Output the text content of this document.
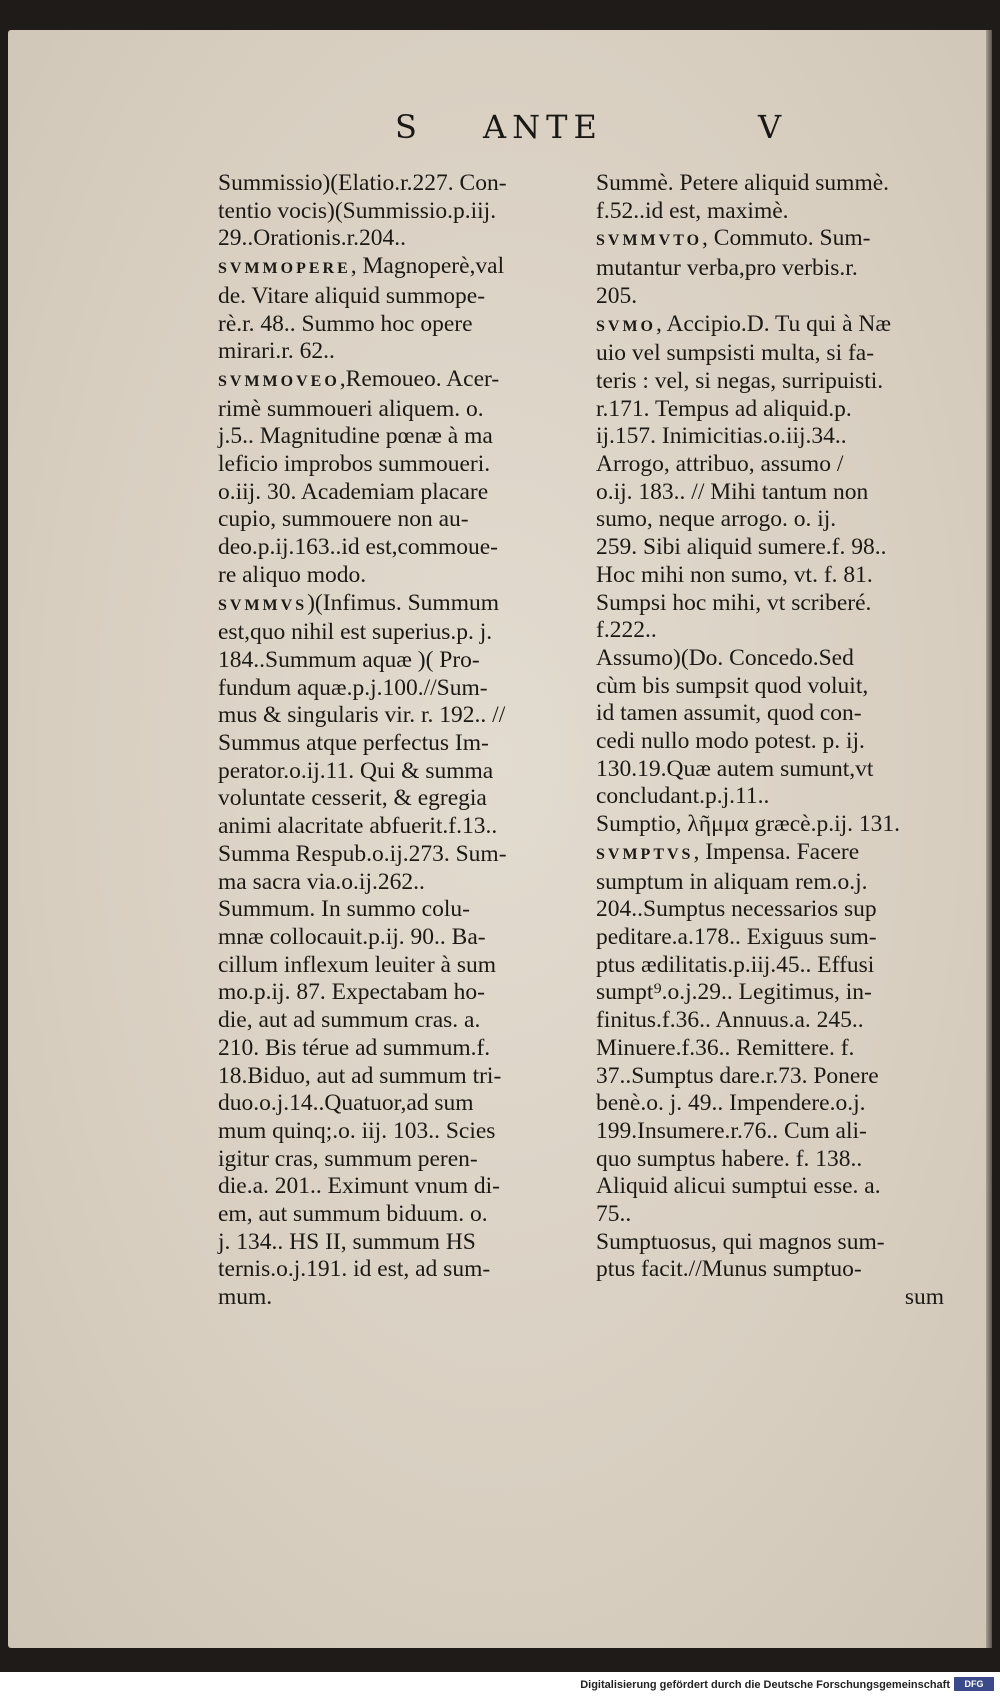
S ANTE	V
Summissio)(Elatio.r.227. Con-
tentio vocis)(Summissio.p.iij.
29..Orationis.r.204..
SVMMOPERE, Magnoperè,val
de. Vitare aliquid summope-
rè.r. 48.. Summo hoc opere
mirari.r. 62..
SVMMOVEO,Remoueo. Acer-
rimè summoueri aliquem. o.
j.5.. Magnitudine pœnæ à ma
leficio improbos summoueri.
o.iij. 30. Academiam placare
cupio, summouere non au-
deo.p.ij.163..id est,commoue-
re aliquo modo.
SVMMVS)(Infimus. Summum
est,quo nihil est superius.p. j.
184..Summum aquæ )( Pro-
fundum aquæ.p.j.100.//Sum-
mus & singularis vir. r. 192.. //
Summus atque perfectus Im-
perator.o.ij.11. Qui & summa
voluntate cesserit, & egregia
animi alacritate abfuerit.f.13..
Summa Respub.o.ij.273. Sum-
ma sacra via.o.ij.262..
Summum. In summo colu-
mnæ collocauit.p.ij. 90.. Ba-
cillum inflexum leuiter à sum
mo.p.ij. 87. Expectabam ho-
die, aut ad summum cras. a.
210. Bis térue ad summum.f.
18.Biduo, aut ad summum tri-
duo.o.j.14..Quatuor,ad sum
mum quinq;.o. iij. 103.. Scies
igitur cras, summum peren-
die.a. 201.. Eximunt vnum di-
em, aut summum biduum. o.
j. 134.. HS II, summum HS
ternis.o.j.191. id est, ad sum-
mum.
Summè. Petere aliquid summè.
f.52..id est, maximè.
SVMMVTO, Commuto. Sum-
mutantur verba,pro verbis.r.
205.
SVMO, Accipio.D. Tu qui à Næ
uio vel sumpsisti multa, si fa-
teris : vel, si negas, surripuisti.
r.171. Tempus ad aliquid.p.
ij.157. Inimicitias.o.iij.34..
Arrogo, attribuo, assumo /
o.ij. 183.. // Mihi tantum non
sumo, neque arrogo. o. ij.
259. Sibi aliquid sumere.f. 98..
Hoc mihi non sumo, vt. f. 81.
Sumpsi hoc mihi, vt scriberé.
f.222..
Assumo)(Do. Concedo.Sed
cùm bis sumpsit quod voluit,
id tamen assumit, quod con-
cedi nullo modo potest. p. ij.
130.19.Quæ autem sumunt,vt
concludant.p.j.11..
Sumptio, λῆμμα græcè.p.ij. 131.
SVMPTVS, Impensa. Facere
sumptum in aliquam rem.o.j.
204..Sumptus necessarios sup
peditare.a.178.. Exiguus sum-
ptus ædilitatis.p.iij.45.. Effusi
sumpt⁹.o.j.29.. Legitimus, in-
finitus.f.36.. Annuus.a. 245..
Minuere.f.36.. Remittere. f.
37..Sumptus dare.r.73. Ponere
benè.o. j. 49.. Impendere.o.j.
199.Insumere.r.76.. Cum ali-
quo sumptus habere. f. 138..
Aliquid alicui sumptui esse. a.
75..
Sumptuosus, qui magnos sum-
ptus facit.//Munus sumptuo-
sum
Digitalisierung gefördert durch die Deutsche Forschungsgemeinschaft	DFG
